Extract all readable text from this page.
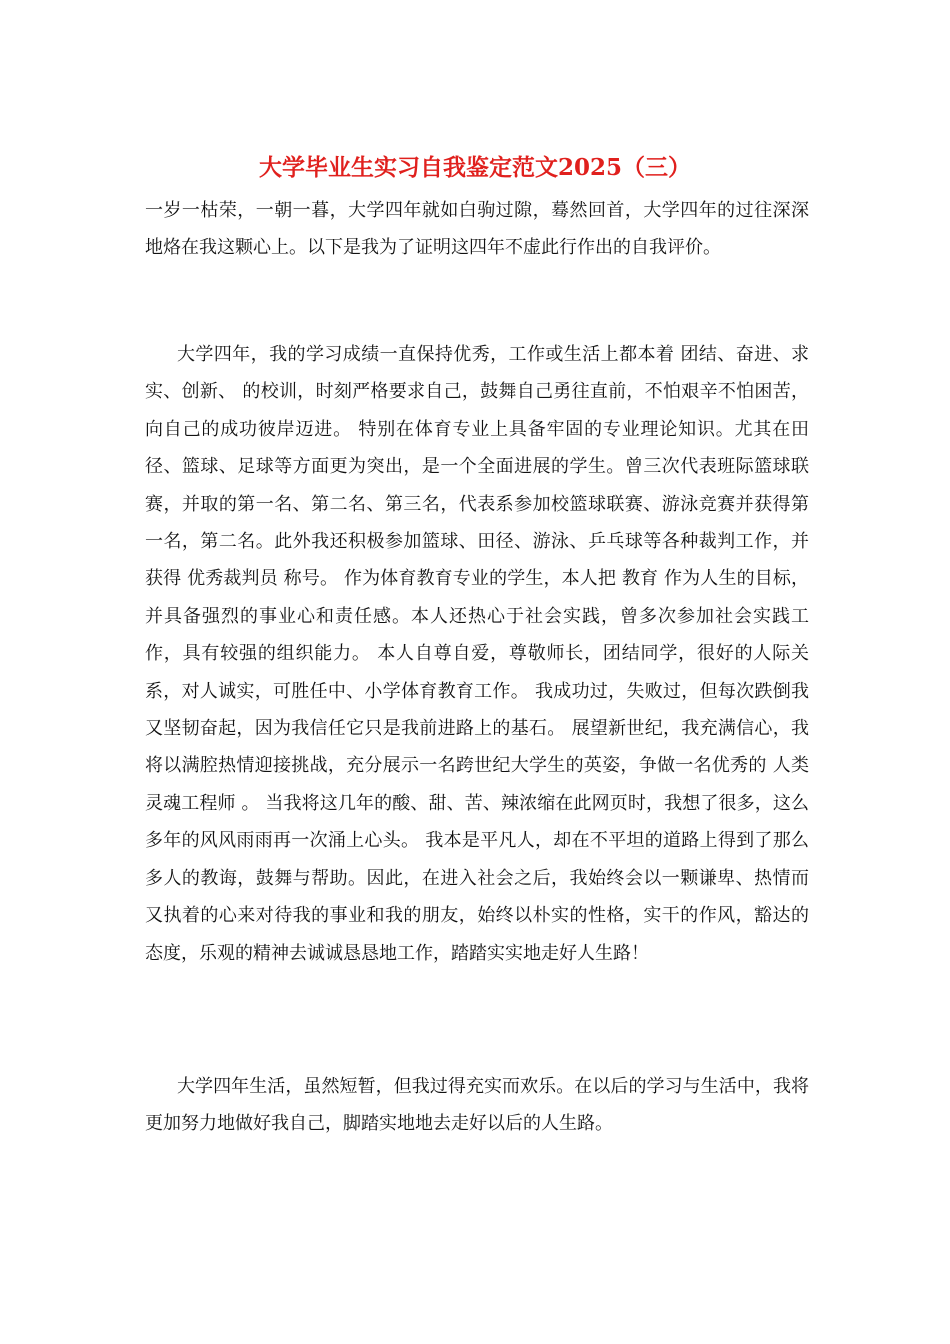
大学毕业生实习自我鉴定范文2025（三）

一岁一枯荣，一朝一暮，大学四年就如白驹过隙，蓦然回首，大学四年的过往深深地烙在我这颗心上。以下是我为了证明这四年不虚此行作出的自我评价。

大学四年，我的学习成绩一直保持优秀，工作或生活上都本着 团结、奋进、求实、创新、 的校训，时刻严格要求自己，鼓舞自己勇往直前，不怕艰辛不怕困苦，向自己的成功彼岸迈进。 特别在体育专业上具备牢固的专业理论知识。尤其在田径、篮球、足球等方面更为突出，是一个全面进展的学生。曾三次代表班际篮球联赛，并取的第一名、第二名、第三名，代表系参加校篮球联赛、游泳竞赛并获得第一名，第二名。此外我还积极参加篮球、田径、游泳、乒乓球等各种裁判工作，并获得 优秀裁判员 称号。 作为体育教育专业的学生，本人把 教育 作为人生的目标，并具备强烈的事业心和责任感。本人还热心于社会实践，曾多次参加社会实践工作，具有较强的组织能力。 本人自尊自爱，尊敬师长，团结同学，很好的人际关系，对人诚实，可胜任中、小学体育教育工作。 我成功过，失败过，但每次跌倒我又坚韧奋起，因为我信任它只是我前进路上的基石。 展望新世纪，我充满信心，我将以满腔热情迎接挑战，充分展示一名跨世纪大学生的英姿，争做一名优秀的 人类灵魂工程师 。 当我将这几年的酸、甜、苦、辣浓缩在此网页时，我想了很多，这么多年的风风雨雨再一次涌上心头。 我本是平凡人，却在不平坦的道路上得到了那么多人的教诲，鼓舞与帮助。因此，在进入社会之后，我始终会以一颗谦卑、热情而又执着的心来对待我的事业和我的朋友，始终以朴实的性格，实干的作风，豁达的态度，乐观的精神去诚诚恳恳地工作，踏踏实实地走好人生路！

大学四年生活，虽然短暂，但我过得充实而欢乐。在以后的学习与生活中，我将更加努力地做好我自己，脚踏实地地去走好以后的人生路。
